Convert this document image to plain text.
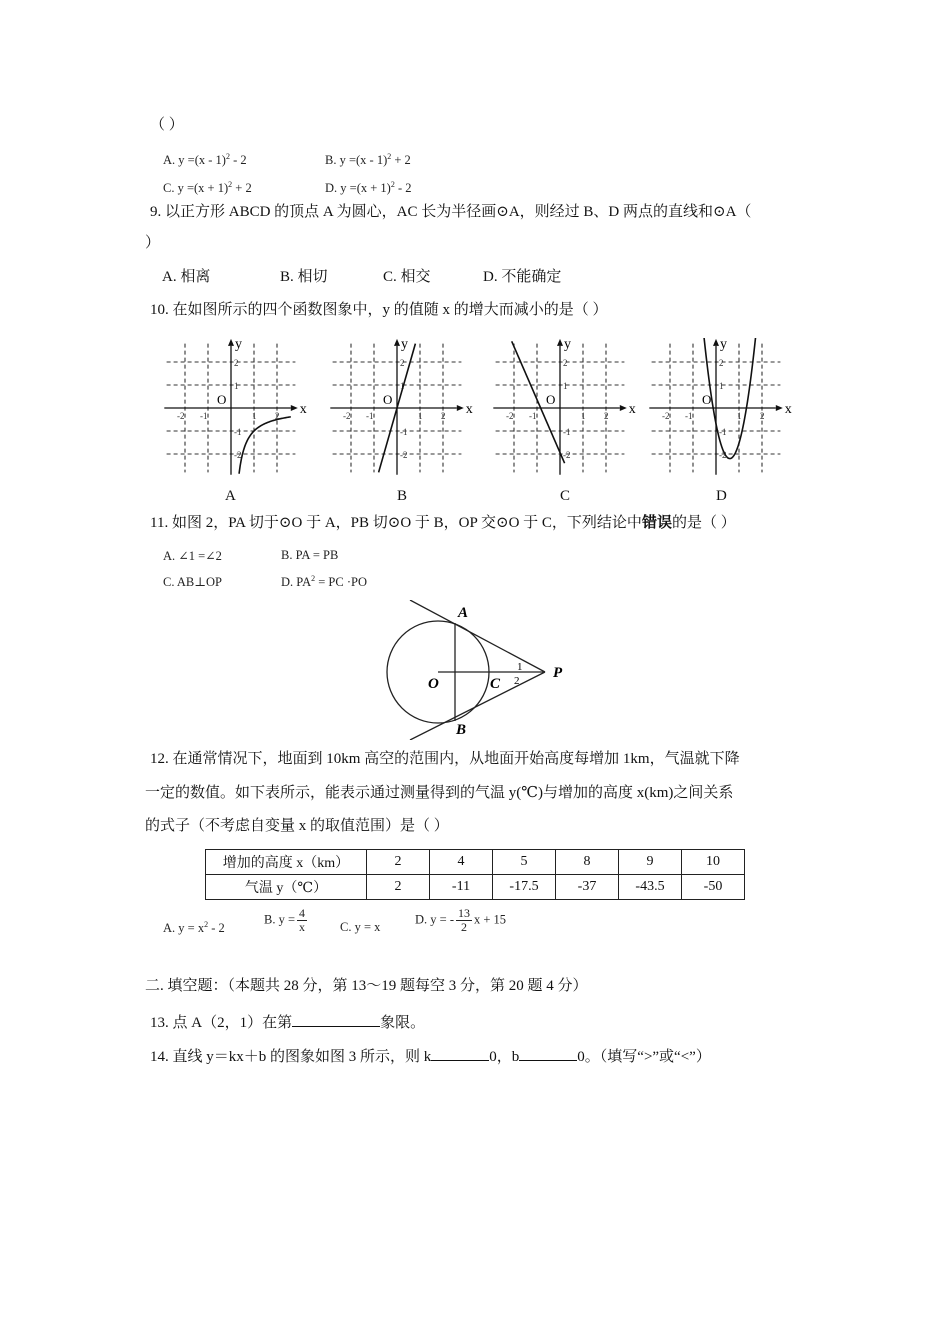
（ ）
A. y =(x - 1)$^2$ - 2	B. y =(x - 1)$^2$ + 2
C. $y =(x + 1)^2 + 2$	D. $y =(x + 1)^2 - 2$
9. 以正方形 ABCD 的顶点 A 为圆心，AC 长为半径画⊙A，则经过 B、D 两点的直线和⊙A（
）
A. 相离	B. 相切	C. 相交	D. 不能确定
10. 在如图所示的四个函数图象中，y 的值随 x 的增大而减小的是（ ）
x
y
O
-2
-2
-1
-1
1
1
2
2
x
y
O
-2
-2
-1
-1
1
1
2
2
x
y
O
-2
-2
-1
-1
1
1
2
2
x
y
O
-2
-2
-1
-1
1
1
2
2
A	B	C	D
11. 如图 2，PA 切于⊙O 于 A，PB 切⊙O 于 B，OP 交⊙O 于 C，下列结论中错误的是（ ）
A. ∠1 =∠2	B. PA = PB
C. AB⊥OP	D. $PA^2$ = PC ·PO
A
B
O	C
P
1
2
12. 在通常情况下，地面到 10km 高空的范围内，从地面开始高度每增加 1km，气温就下降
一定的数值。如下表所示，能表示通过测量得到的气温 y(℃)与增加的高度 x(km)之间关系
的式子（不考虑自变量 x 的取值范围）是（ ）
增加的高度 x（km）	2	4	5	8	9	10
气温 y（℃）	2	-11	-17.5	-37	-43.5	-50
A. $y = x^2 - 2$
B. $y = \frac{4}{x}$	C. y = x
D. y = - $\frac{13}{2}$ x + 15
二. 填空题：（本题共 28 分，第 13～19 题每空 3 分，第 20 题 4 分）
13. 点 A（2，1）在第	象限。
14. 直线 y＝kx＋b 的图象如图 3 所示，则 k	0，b	0。（填写“>”或“<”）
